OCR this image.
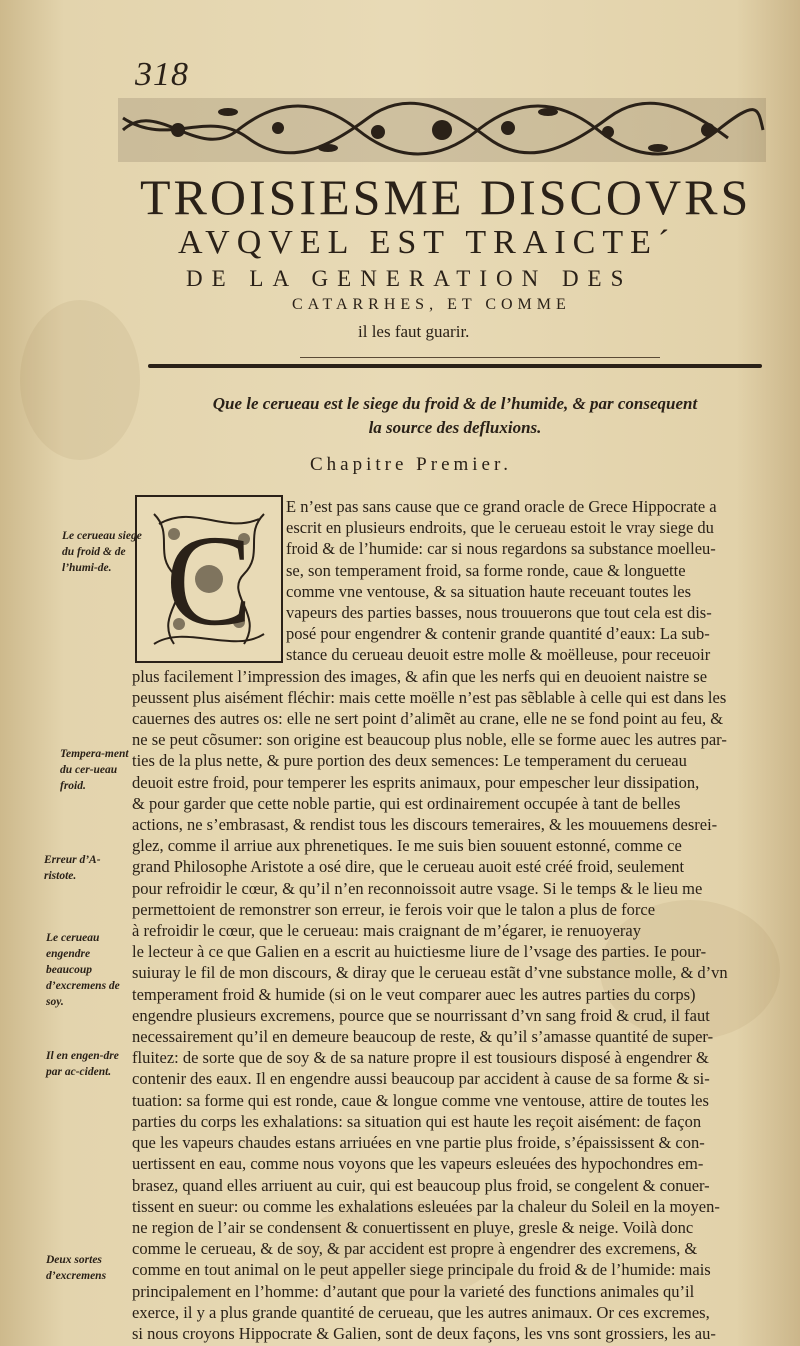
318
TROISIESME DISCOVRS
AVQVEL EST TRAICTE´
DE LA GENERATION DES
CATARRHES, ET COMME
il les faut guarir.
Que le cerueau est le siege du froid & de l’humide, & par consequent
la source des defluxions.
Chapitre Premier.
C
Le cerueau siege du froid & de l’humi-de.
Tempera-ment du cer-ueau froid.
Erreur d’A-ristote.
Le cerueau engendre beaucoup d’excremens de soy.
Il en engen-dre par ac-cident.
Deux sortes d’excremens
E n’est pas sans cause que ce grand oracle de Grece Hippocrate a
escrit en plusieurs endroits, que le cerueau estoit le vray siege du
froid & de l’humide: car si nous regardons sa substance moelleu-
se, son temperament froid, sa forme ronde, caue & longuette
comme vne ventouse, & sa situation haute receuant toutes les
vapeurs des parties basses, nous trouuerons que tout cela est dis-
posé pour engendrer & contenir grande quantité d’eaux: La sub-
stance du cerueau deuoit estre molle & moëlleuse, pour receuoir
plus facilement l’impression des images, & afin que les nerfs qui en deuoient naistre se
peussent plus aisément fléchir: mais cette moëlle n’est pas sẽblable à celle qui est dans les
cauernes des autres os: elle ne sert point d’alimẽt au crane, elle ne se fond point au feu, &
ne se peut cõsumer: son origine est beaucoup plus noble, elle se forme auec les autres par-
ties de la plus nette, & pure portion des deux semences: Le temperament du cerueau
deuoit estre froid, pour temperer les esprits animaux, pour empescher leur dissipation,
& pour garder que cette noble partie, qui est ordinairement occupée à tant de belles
actions, ne s’embrasast, & rendist tous les discours temeraires, & les mouuemens desrei-
glez, comme il arriue aux phrenetiques. Ie me suis bien souuent estonné, comme ce
grand Philosophe Aristote a osé dire, que le cerueau auoit esté créé froid, seulement
pour refroidir le cœur, & qu’il n’en reconnoissoit autre vsage. Si le temps & le lieu me
permettoient de remonstrer son erreur, ie ferois voir que le talon a plus de force
à refroidir le cœur, que le cerueau: mais craignant de m’égarer, ie renuoyeray
le lecteur à ce que Galien en a escrit au huictiesme liure de l’vsage des parties. Ie pour-
suiuray le fil de mon discours, & diray que le cerueau estãt d’vne substance molle, & d’vn
temperament froid & humide (si on le veut comparer auec les autres parties du corps)
engendre plusieurs excremens, pource que se nourrissant d’vn sang froid & crud, il faut
necessairement qu’il en demeure beaucoup de reste, & qu’il s’amasse quantité de super-
fluitez: de sorte que de soy & de sa nature propre il est tousiours disposé à engendrer &
contenir des eaux. Il en engendre aussi beaucoup par accident à cause de sa forme & si-
tuation: sa forme qui est ronde, caue & longue comme vne ventouse, attire de toutes les
parties du corps les exhalations: sa situation qui est haute les reçoit aisément: de façon
que les vapeurs chaudes estans arriuées en vne partie plus froide, s’épaississent & con-
uertissent en eau, comme nous voyons que les vapeurs esleuées des hypochondres em-
brasez, quand elles arriuent au cuir, qui est beaucoup plus froid, se congelent & conuer-
tissent en sueur: ou comme les exhalations esleuées par la chaleur du Soleil en la moyen-
ne region de l’air se condensent & conuertissent en pluye, gresle & neige. Voilà donc
comme le cerueau, & de soy, & par accident est propre à engendrer des excremens, &
comme en tout animal on le peut appeller siege principale du froid & de l’humide: mais
principalement en l’homme: d’autant que pour la varieté des functions animales qu’il
exerce, il y a plus grande quantité de cerueau, que les autres animaux. Or ces excremes,
si nous croyons Hippocrate & Galien, sont de deux façons, les vns sont grossiers, les au-
